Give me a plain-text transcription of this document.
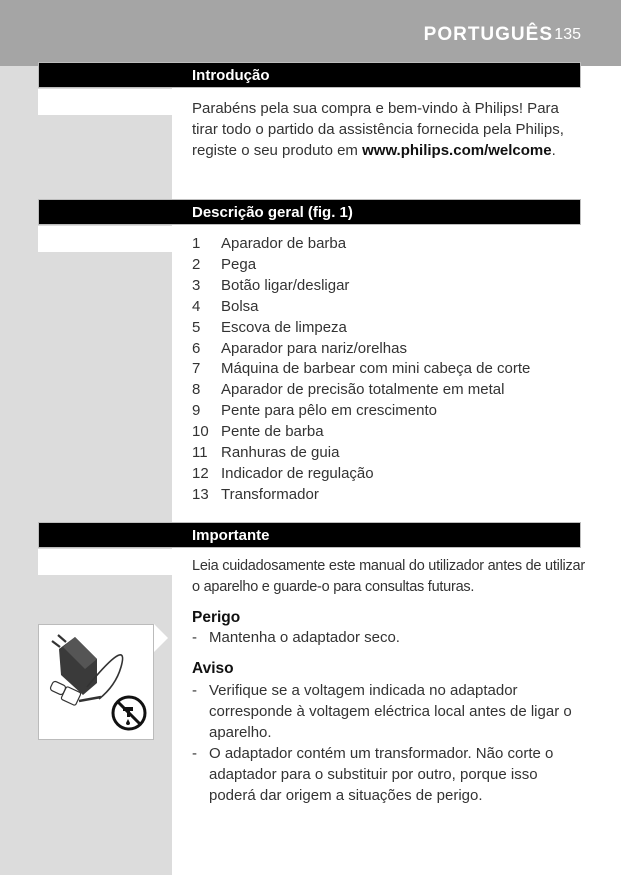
PORTUGUÊS 135
Introdução

Parabéns pela sua compra e bem-vindo à Philips! Para tirar todo o partido da assistência fornecida pela Philips, registe o seu produto em www.philips.com/welcome.

Descrição geral (fig. 1)
1	Aparador de barba
2	Pega
3	Botão ligar/desligar
4	Bolsa
5	Escova de limpeza
6	Aparador para nariz/orelhas
7	Máquina de barbear com mini cabeça de corte
8	Aparador de precisão totalmente em metal
9	Pente para pêlo em crescimento
10 Pente de barba
11 Ranhuras de guia
12 Indicador de regulação
13 Transformador
Importante

Leia cuidadosamente este manual do utilizador antes de utilizar o aparelho e guarde-o para consultas futuras.

Perigo
- Mantenha o adaptador seco.
Aviso
- Verifique se a voltagem indicada no adaptador corresponde à voltagem eléctrica local antes de ligar o aparelho.
- O adaptador contém um transformador. Não corte o adaptador para o substituir por outro, porque isso poderá dar origem a situações de perigo.
